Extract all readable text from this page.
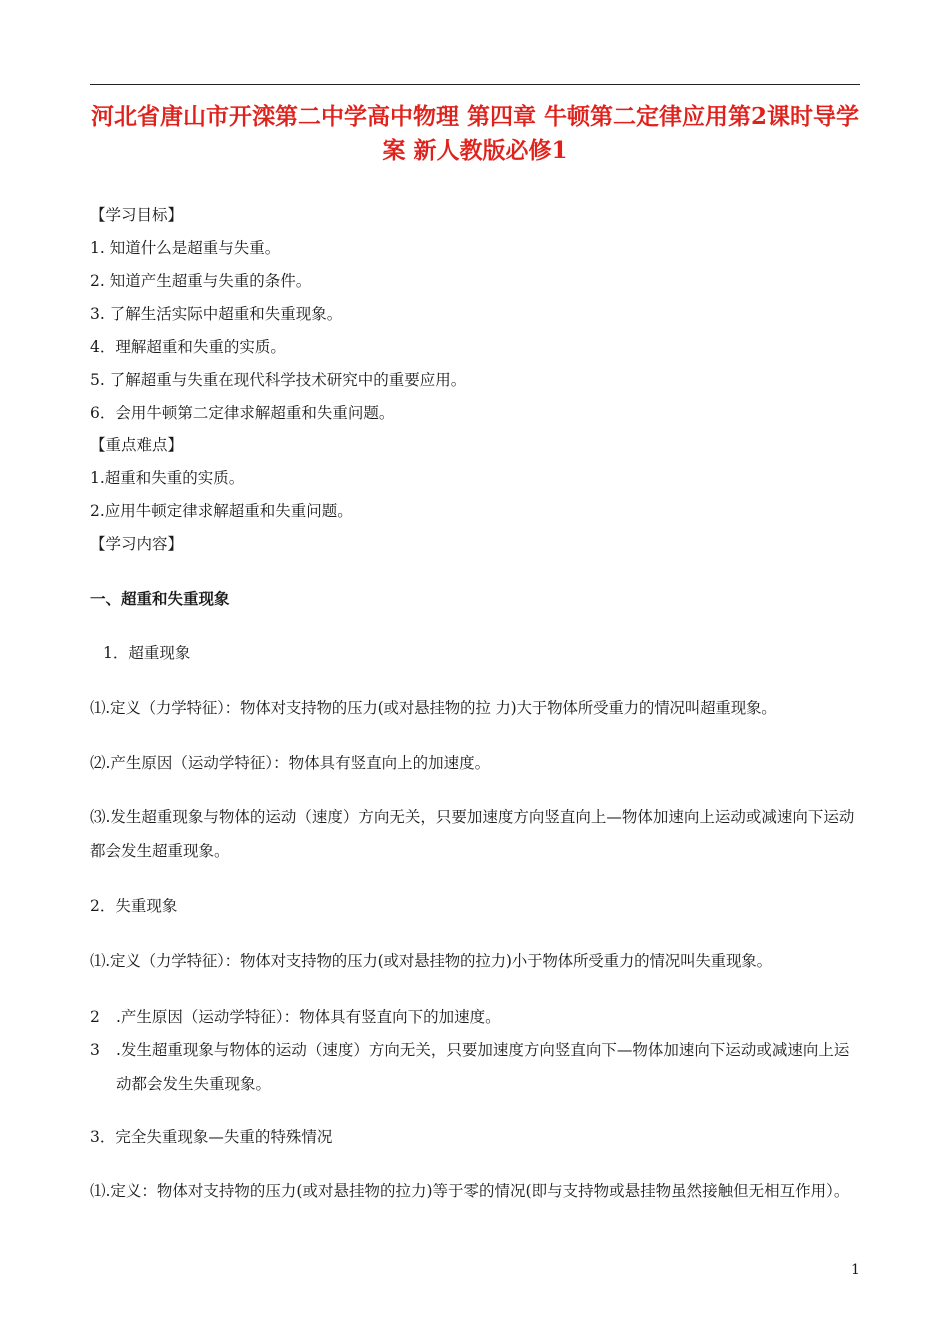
河北省唐山市开滦第二中学高中物理 第四章 牛顿第二定律应用第2课时导学案 新人教版必修1
【学习目标】
1. 知道什么是超重与失重。
2. 知道产生超重与失重的条件。
3. 了解生活实际中超重和失重现象。
4．理解超重和失重的实质。
5. 了解超重与失重在现代科学技术研究中的重要应用。
6．会用牛顿第二定律求解超重和失重问题。
【重点难点】
1.超重和失重的实质。
2.应用牛顿定律求解超重和失重问题。
【学习内容】
一、超重和失重现象
1．超重现象
⑴.定义（力学特征）：物体对支持物的压力(或对悬挂物的拉 力)大于物体所受重力的情况叫超重现象。
⑵.产生原因（运动学特征）：物体具有竖直向上的加速度。
⑶.发生超重现象与物体的运动（速度）方向无关，只要加速度方向竖直向上—物体加速向上运动或减速向下运动都会发生超重现象。
2．失重现象
⑴.定义（力学特征）：物体对支持物的压力(或对悬挂物的拉力)小于物体所受重力的情况叫失重现象。
2 .产生原因（运动学特征）：物体具有竖直向下的加速度。
3 .发生超重现象与物体的运动（速度）方向无关，只要加速度方向竖直向下—物体加速向下运动或减速向上运动都会发生失重现象。
3．完全失重现象—失重的特殊情况
⑴.定义：物体对支持物的压力(或对悬挂物的拉力)等于零的情况(即与支持物或悬挂物虽然接触但无相互作用）。
1
